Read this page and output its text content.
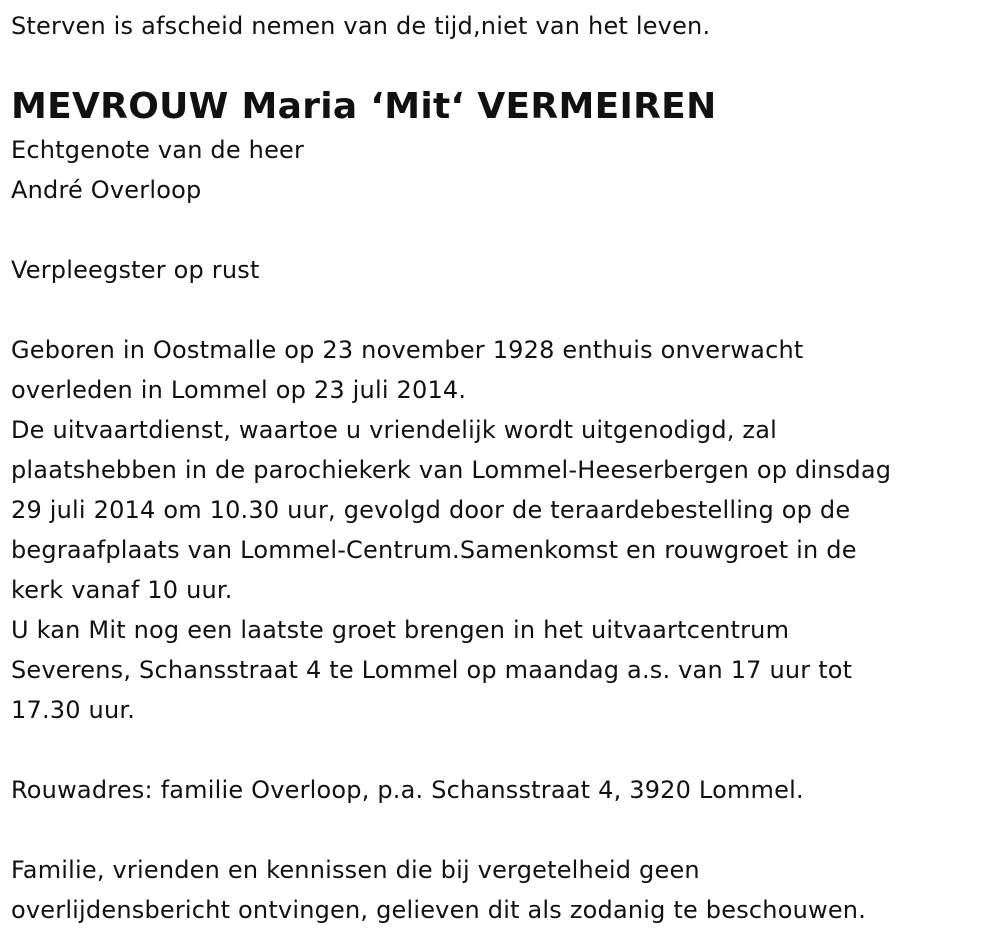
Sterven is afscheid nemen van de tijd,niet van het leven.
MEVROUW Maria ‘Mit‘ VERMEIREN
Echtgenote van de heer
André Overloop
Verpleegster op rust
Geboren in Oostmalle op 23 november 1928 enthuis onverwacht
overleden in Lommel op 23 juli 2014.
De uitvaartdienst, waartoe u vriendelijk wordt uitgenodigd, zal
plaatshebben in de parochiekerk van Lommel-Heeserbergen op dinsdag
29 juli 2014 om 10.30 uur, gevolgd door de teraardebestelling op de
begraafplaats van Lommel-Centrum.Samenkomst en rouwgroet in de
kerk vanaf 10 uur.
U kan Mit nog een laatste groet brengen in het uitvaartcentrum
Severens, Schansstraat 4 te Lommel op maandag a.s. van 17 uur tot
17.30 uur.
Rouwadres: familie Overloop, p.a. Schansstraat 4, 3920 Lommel.
Familie, vrienden en kennissen die bij vergetelheid geen
overlijdensbericht ontvingen, gelieven dit als zodanig te beschouwen.
